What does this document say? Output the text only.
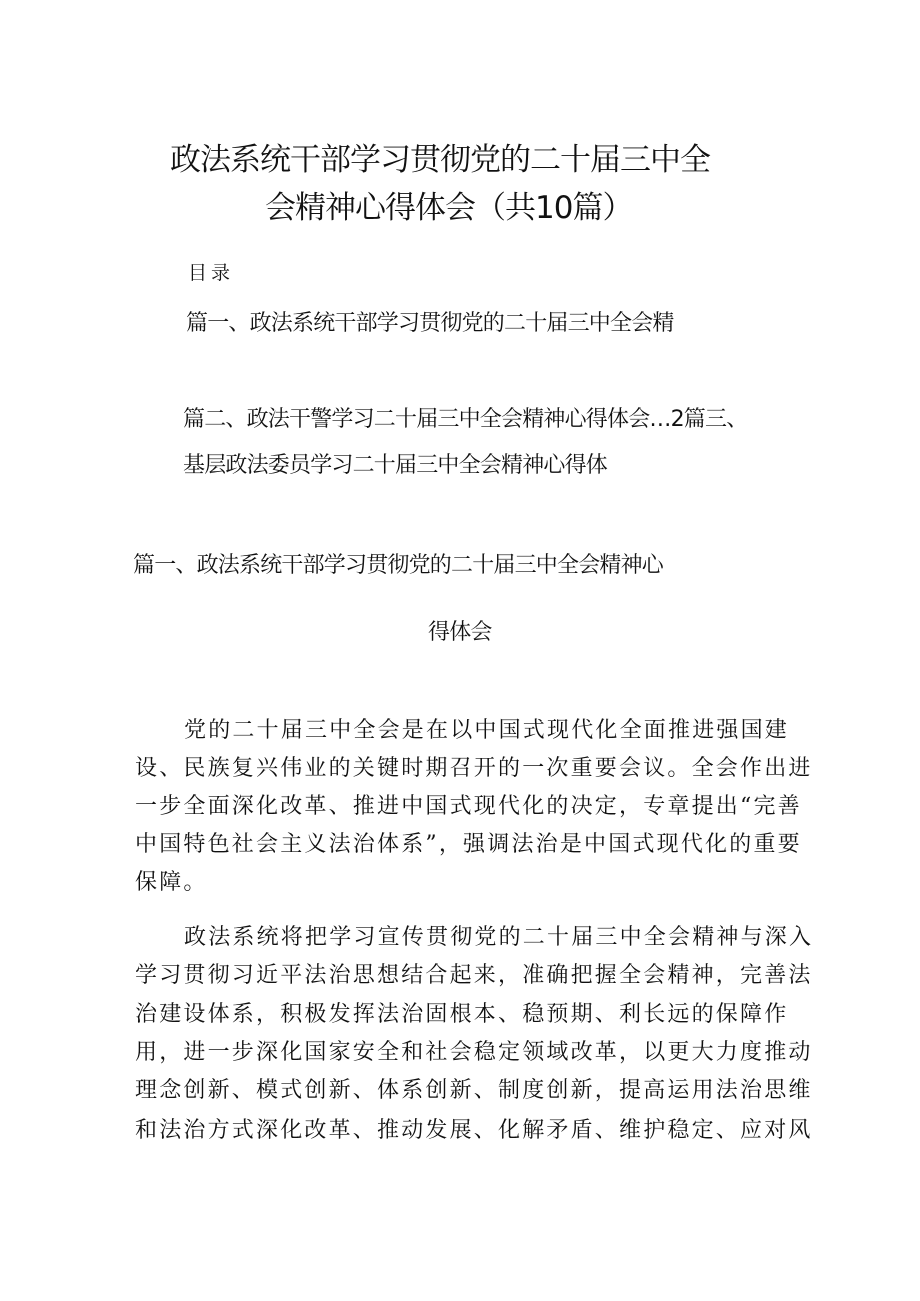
政法系统干部学习贯彻党的二十届三中全
会精神心得体会（共10篇）
目录
篇一、政法系统干部学习贯彻党的二十届三中全会精
篇二、政法干警学习二十届三中全会精神心得体会…2篇三、
基层政法委员学习二十届三中全会精神心得体
篇一、政法系统干部学习贯彻党的二十届三中全会精神心
得体会
党的二十届三中全会是在以中国式现代化全面推进强国建
设、民族复兴伟业的关键时期召开的一次重要会议。全会作出进
一步全面深化改革、推进中国式现代化的决定，专章提出“完善
中国特色社会主义法治体系”，强调法治是中国式现代化的重要
保障。
政法系统将把学习宣传贯彻党的二十届三中全会精神与深入
学习贯彻习近平法治思想结合起来，准确把握全会精神，完善法
治建设体系，积极发挥法治固根本、稳预期、利长远的保障作
用，进一步深化国家安全和社会稳定领域改革，以更大力度推动
理念创新、模式创新、体系创新、制度创新，提高运用法治思维
和法治方式深化改革、推动发展、化解矛盾、维护稳定、应对风
